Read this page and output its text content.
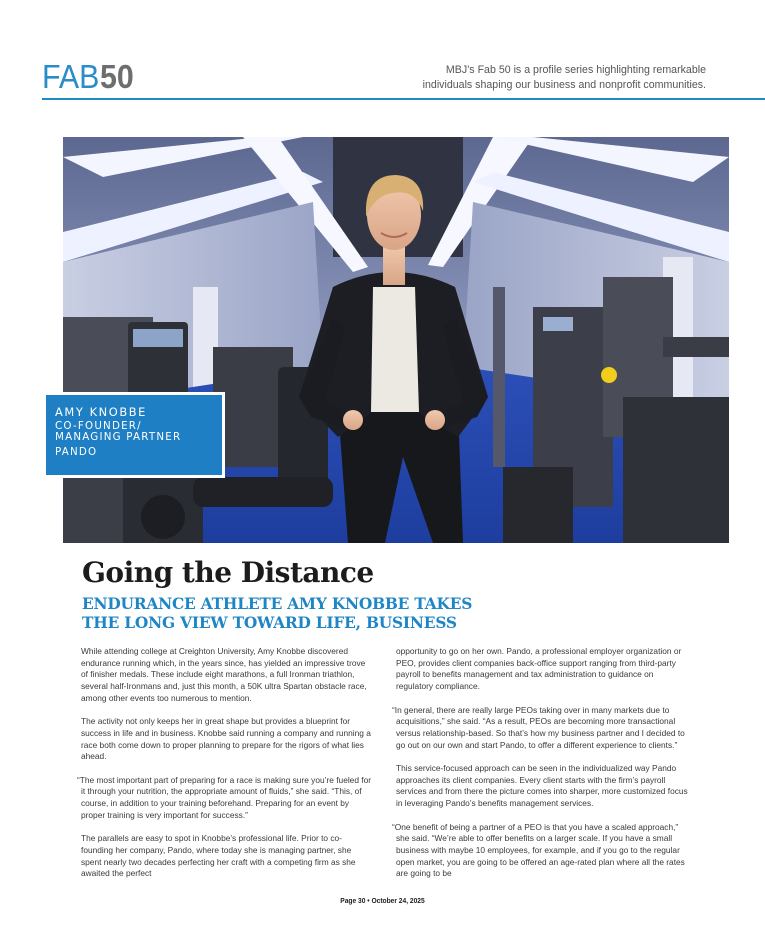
FAB 50	MBJ’s Fab 50 is a profile series highlighting remarkable
individuals shaping our business and nonprofit communities.
AMY KNOBBE
CO-FOUNDER/
MANAGING PARTNER
PANDO
Going the Distance
ENDURANCE ATHLETE AMY KNOBBE TAKES
THE LONG VIEW TOWARD LIFE, BUSINESS

While attending college at Creighton University, Amy Knobbe discovered endurance running which, in the years since, has yielded an impressive trove of finisher medals. These include eight marathons, a full Ironman triathlon, several half-Ironmans and, just this month, a 50K ultra Spartan obstacle race, among other events too numerous to mention.

The activity not only keeps her in great shape but provides a blueprint for success in life and in business. Knobbe said running a company and running a race both come down to proper planning to prepare for the rigors of what lies ahead.

“The most important part of preparing for a race is making sure you’re fueled for it through your nutrition, the appropriate amount of fluids,” she said. “This, of course, in addition to your training beforehand. Preparing for an event by proper training is very important for success.”

The parallels are easy to spot in Knobbe’s professional life. Prior to co-founding her company, Pando, where today she is managing partner, she spent nearly two decades perfecting her craft with a competing firm as she awaited the perfect

opportunity to go on her own. Pando, a professional employer organization or PEO, provides client companies back-office support ranging from third-party payroll to benefits management and tax administration to guidance on regulatory compliance.

“In general, there are really large PEOs taking over in many markets due to acquisitions,” she said. “As a result, PEOs are becoming more transactional versus relationship-based. So that’s how my business partner and I decided to go out on our own and start Pando, to offer a different experience to clients.”

This service-focused approach can be seen in the individualized way Pando approaches its client companies. Every client starts with the firm’s payroll services and from there the picture comes into sharper, more customized focus in leveraging Pando’s benefits management services.

“One benefit of being a partner of a PEO is that you have a scaled approach,” she said. “We’re able to offer benefits on a larger scale. If you have a small business with maybe 10 employees, for example, and if you go to the regular open market, you are going to be offered an age-rated plan where all the rates are going to be

Page 30 • October 24, 2025
